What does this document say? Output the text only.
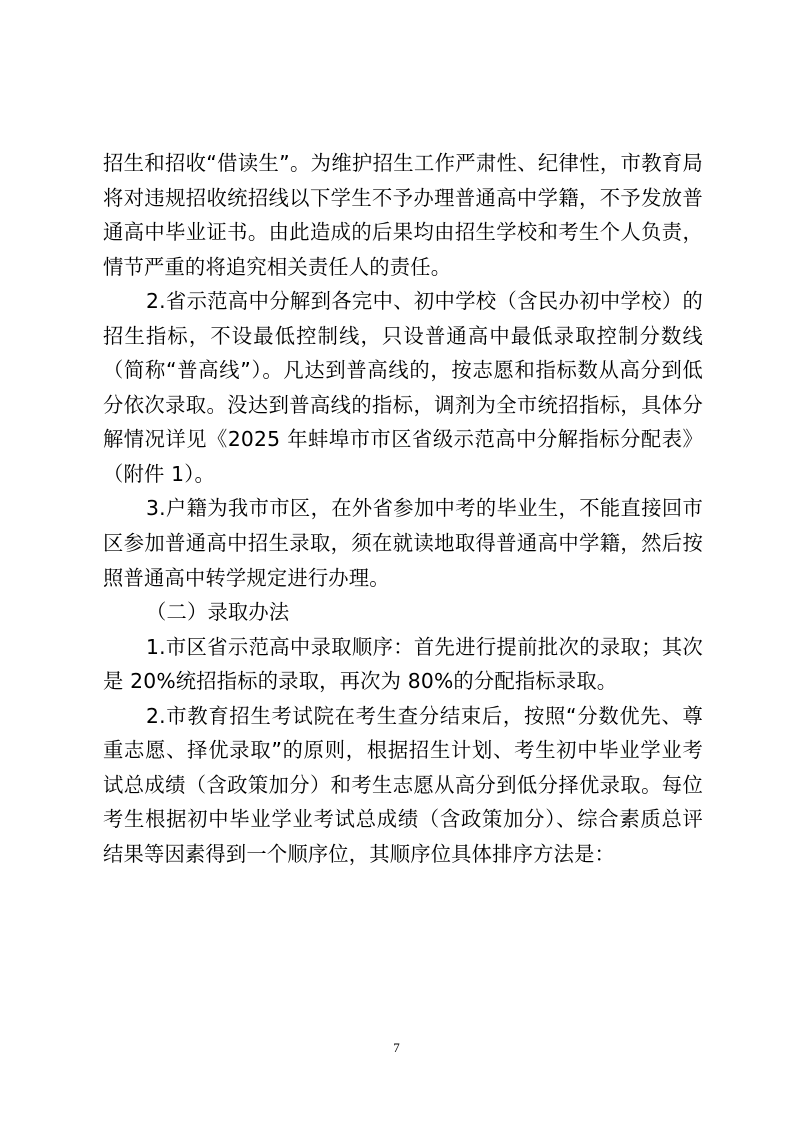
招生和招收“借读生”。为维护招生工作严肃性、纪律性，市教育局将对违规招收统招线以下学生不予办理普通高中学籍，不予发放普通高中毕业证书。由此造成的后果均由招生学校和考生个人负责，情节严重的将追究相关责任人的责任。

2.省示范高中分解到各完中、初中学校（含民办初中学校）的招生指标，不设最低控制线，只设普通高中最低录取控制分数线（简称“普高线”）。凡达到普高线的，按志愿和指标数从高分到低分依次录取。没达到普高线的指标，调剂为全市统招指标，具体分解情况详见《2025 年蚌埠市市区省级示范高中分解指标分配表》（附件 1）。

3.户籍为我市市区，在外省参加中考的毕业生，不能直接回市区参加普通高中招生录取，须在就读地取得普通高中学籍，然后按照普通高中转学规定进行办理。

（二）录取办法

1.市区省示范高中录取顺序：首先进行提前批次的录取；其次是 20%统招指标的录取，再次为 80%的分配指标录取。

2.市教育招生考试院在考生查分结束后，按照“分数优先、尊重志愿、择优录取”的原则，根据招生计划、考生初中毕业学业考试总成绩（含政策加分）和考生志愿从高分到低分择优录取。每位考生根据初中毕业学业考试总成绩（含政策加分）、综合素质总评结果等因素得到一个顺序位，其顺序位具体排序方法是：

7
